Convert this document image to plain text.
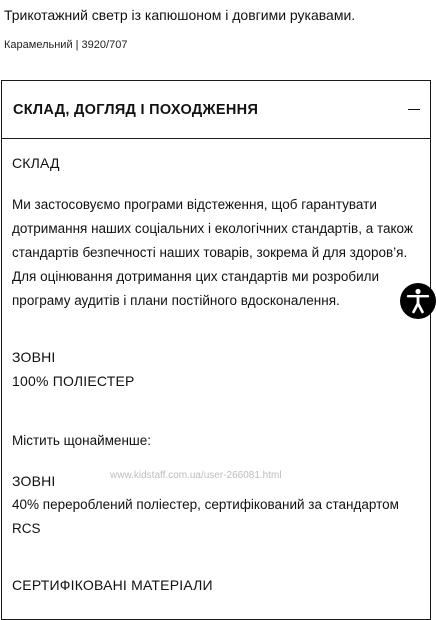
Трикотажний светр із капюшоном і довгими рукавами.
Карамельний | 3920/707
СКЛАД, ДОГЛЯД І ПОХОДЖЕННЯ
СКЛАД
Ми застосовуємо програми відстеження, щоб гарантувати дотримання наших соціальних і екологічних стандартів, а також стандартів безпечності наших товарів, зокрема й для здоров’я. Для оцінювання дотримання цих стандартів ми розробили програму аудитів і плани постійного вдосконалення.
ЗОВНІ
100% ПОЛІЕСТЕР
Містить щонайменше:
ЗОВНІ
40% перероблений поліестер, сертифікований за стандартом RCS
СЕРТИФІКОВАНІ МАТЕРІАЛИ
www.kidstaff.com.ua/user-266081.html
